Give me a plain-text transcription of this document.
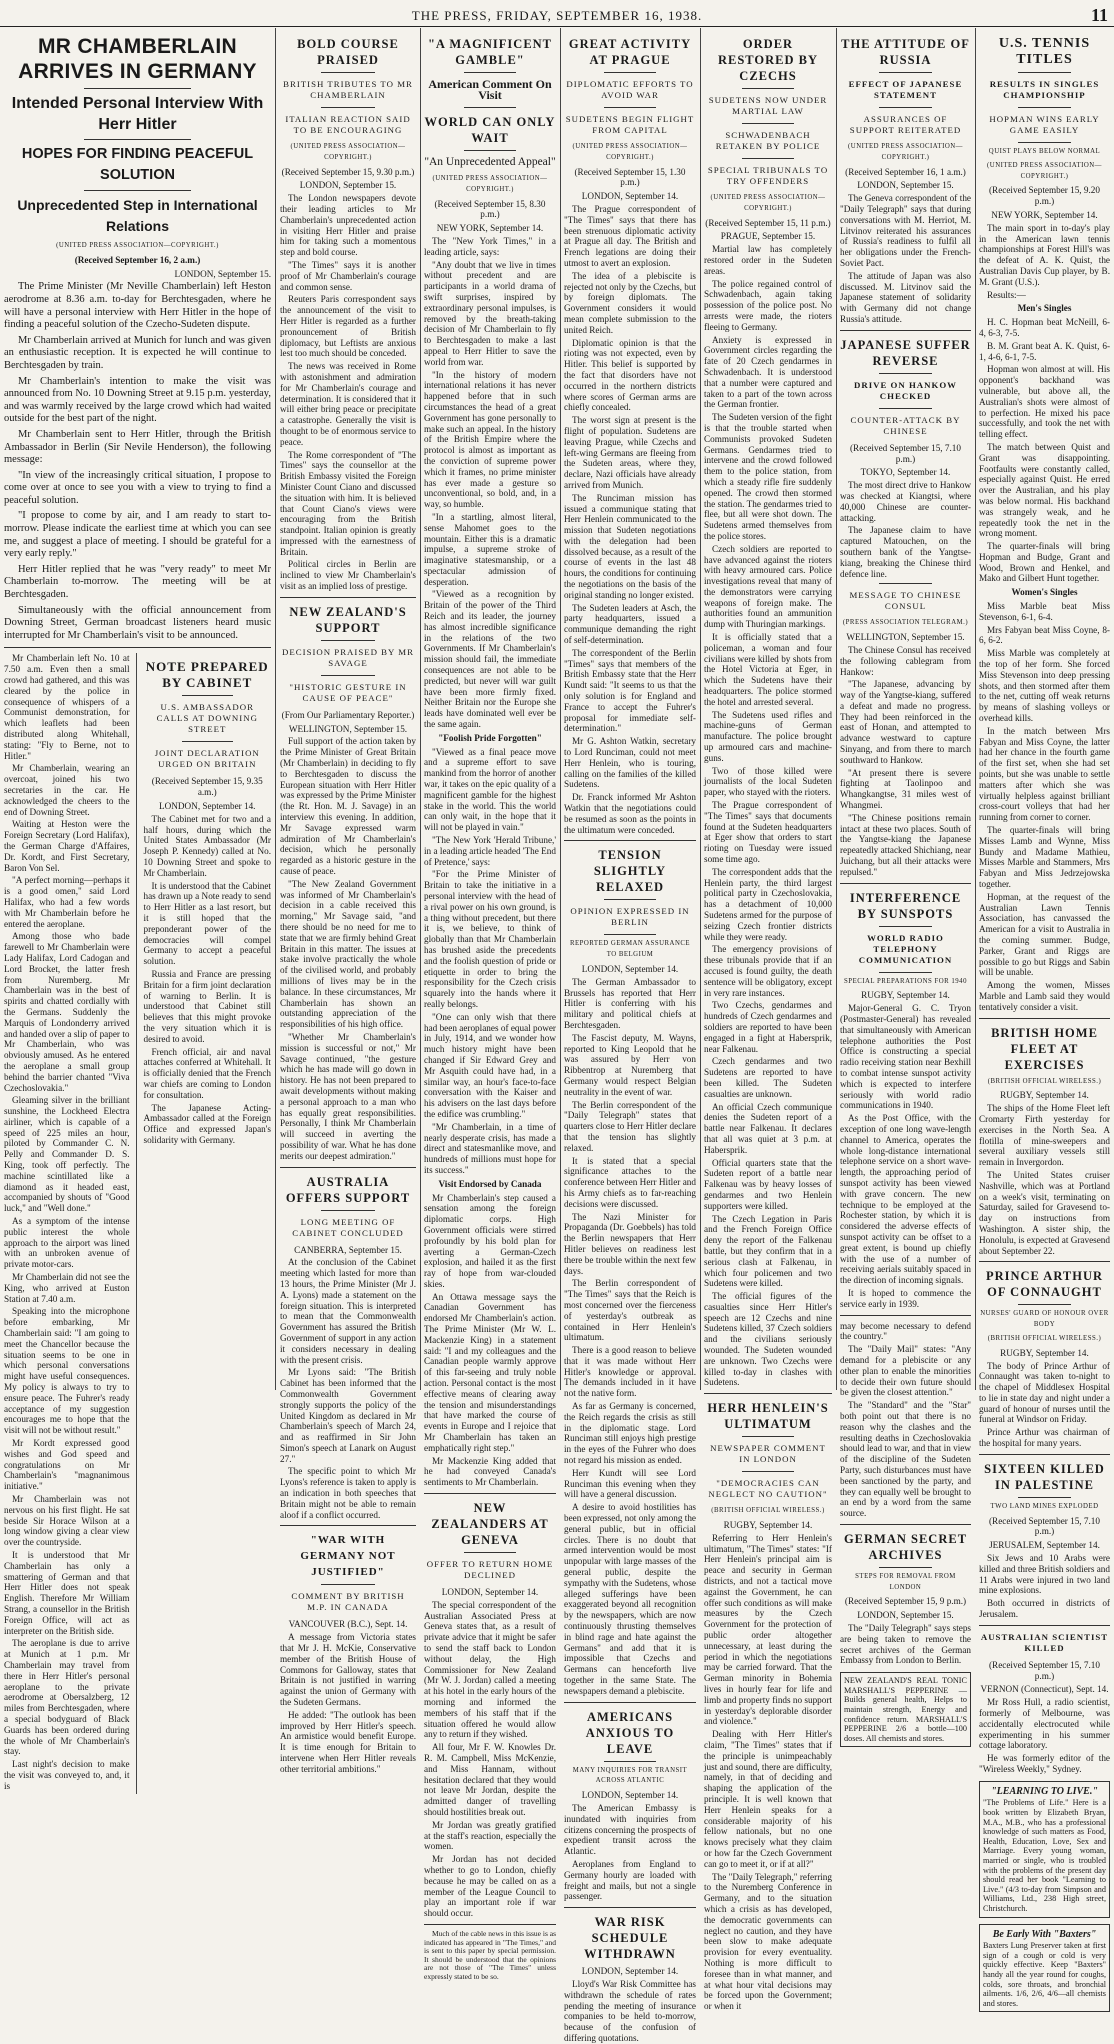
THE PRESS, FRIDAY, SEPTEMBER 16, 1938.	11
MR CHAMBERLAIN ARRIVES IN GERMANY
Intended Personal Interview With Herr Hitler
HOPES FOR FINDING PEACEFUL SOLUTION
Unprecedented Step in International Relations
(UNITED PRESS ASSOCIATION—COPYRIGHT.)
(Received September 16, 2 a.m.)
LONDON, September 15.

The Prime Minister (Mr Neville Chamberlain) left Heston aerodrome at 8.36 a.m. to-day for Berchtesgaden, where he will have a personal interview with Herr Hitler in the hope of finding a peaceful solution of the Czecho-Sudeten dispute.

Mr Chamberlain arrived at Munich for lunch and was given an enthusiastic reception. It is expected he will continue to Berchtesgaden by train.

Mr Chamberlain's intention to make the visit was announced from No. 10 Downing Street at 9.15 p.m. yesterday, and was warmly received by the large crowd which had waited outside for the best part of the night.

Mr Chamberlain sent to Herr Hitler, through the British Ambassador in Berlin (Sir Nevile Henderson), the following message:

"In view of the increasingly critical situation, I propose to come over at once to see you with a view to trying to find a peaceful solution.

"I propose to come by air, and I am ready to start to-morrow. Please indicate the earliest time at which you can see me, and suggest a place of meeting. I should be grateful for a very early reply."

Herr Hitler replied that he was "very ready" to meet Mr Chamberlain to-morrow. The meeting will be at Berchtesgaden.

Simultaneously with the official announcement from Downing Street, German broadcast listeners heard music interrupted for Mr Chamberlain's visit to be announced.

Mr Chamberlain left No. 10 at 7.50 a.m. Even then a small crowd had gathered, and this was cleared by the police in consequence of whispers of a Communist demonstration, for which leaflets had been distributed along Whitehall, stating: "Fly to Berne, not to Hitler."

Mr Chamberlain, wearing an overcoat, joined his two secretaries in the car. He acknowledged the cheers to the end of Downing Street.

Waiting at Heston were the Foreign Secretary (Lord Halifax), the German Charge d'Affaires, Dr. Kordt, and First Secretary, Baron Von Sel.

"A perfect morning—perhaps it is a good omen," said Lord Halifax, who had a few words with Mr Chamberlain before he entered the aeroplane.

Among those who bade farewell to Mr Chamberlain were Lady Halifax, Lord Cadogan and Lord Brocket, the latter fresh from Nuremberg. Mr Chamberlain was in the best of spirits and chatted cordially with the Germans. Suddenly the Marquis of Londonderry arrived and handed over a slip of paper to Mr Chamberlain, who was obviously amused. As he entered the aeroplane a small group behind the barrier chanted "Viva Czechoslovakia."

Gleaming silver in the brilliant sunshine, the Lockheed Electra airliner, which is capable of a speed of 225 miles an hour, piloted by Commander C. N. Pelly and Commander D. S. King, took off perfectly. The machine scintillated like a diamond as it headed east, accompanied by shouts of "Good luck," and "Well done."

As a symptom of the intense public interest the whole approach to the airport was lined with an unbroken avenue of private motor-cars.

Mr Chamberlain did not see the King, who arrived at Euston Station at 7.40 a.m.

Speaking into the microphone before embarking, Mr Chamberlain said: "I am going to meet the Chancellor because the situation seems to be one in which personal conversations might have useful consequences. My policy is always to try to ensure peace. The Fuhrer's ready acceptance of my suggestion encourages me to hope that the visit will not be without result."

Mr Kordt expressed good wishes and God speed and congratulations on Mr Chamberlain's "magnanimous initiative."

Mr Chamberlain was not nervous on his first flight. He sat beside Sir Horace Wilson at a long window giving a clear view over the countryside.

It is understood that Mr Chamberlain has only a smattering of German and that Herr Hitler does not speak English. Therefore Mr William Strang, a counsellor in the British Foreign Office, will act as interpreter on the British side.

The aeroplane is due to arrive at Munich at 1 p.m. Mr Chamberlain may travel from there in Herr Hitler's personal aeroplane to the private aerodrome at Obersalzberg, 12 miles from Berchtesgaden, where a special bodyguard of Black Guards has been ordered during the whole of Mr Chamberlain's stay.

Last night's decision to make the visit was conveyed to, and, it is

NOTE PREPARED BY CABINET
U.S. AMBASSADOR CALLS AT DOWNING STREET
JOINT DECLARATION URGED ON BRITAIN
(Received September 15, 9.35 a.m.)
LONDON, September 14.

The Cabinet met for two and a half hours, during which the United States Ambassador (Mr Joseph P. Kennedy) called at No. 10 Downing Street and spoke to Mr Chamberlain.

It is understood that the Cabinet has drawn up a Note ready to send to Herr Hitler as a last resort, but it is still hoped that the preponderant power of the democracies will compel Germany to accept a peaceful solution.

Russia and France are pressing Britain for a firm joint declaration of warning to Berlin. It is understood that Cabinet still believes that this might provoke the very situation which it is desired to avoid.

French official, air and naval attaches conferred at Whitehall. It is officially denied that the French war chiefs are coming to London for consultation.

The Japanese Acting-Ambassador called at the Foreign Office and expressed Japan's solidarity with Germany.

BOLD COURSE PRAISED
BRITISH TRIBUTES TO MR CHAMBERLAIN
ITALIAN REACTION SAID TO BE ENCOURAGING
(UNITED PRESS ASSOCIATION—COPYRIGHT.)
(Received September 15, 9.30 p.m.)
LONDON, September 15.

The London newspapers devote their leading articles to Mr Chamberlain's unprecedented action in visiting Herr Hitler and praise him for taking such a momentous step and bold course.

"The Times" says it is another proof of Mr Chamberlain's courage and common sense.

Reuters Paris correspondent says the announcement of the visit to Herr Hitler is regarded as a further pronouncement of British diplomacy, but Leftists are anxious lest too much should be conceded.

The news was received in Rome with astonishment and admiration for Mr Chamberlain's courage and determination. It is considered that it will either bring peace or precipitate a catastrophe. Generally the visit is thought to be of enormous service to peace.

The Rome correspondent of "The Times" says the counsellor at the British Embassy visited the Foreign Minister Count Ciano and discussed the situation with him. It is believed that Count Ciano's views were encouraging from the British standpoint. Italian opinion is greatly impressed with the earnestness of Britain.

Political circles in Berlin are inclined to view Mr Chamberlain's visit as an implied loss of prestige.

NEW ZEALAND'S SUPPORT
DECISION PRAISED BY MR SAVAGE
"HISTORIC GESTURE IN CAUSE OF PEACE"
(From Our Parliamentary Reporter.)
WELLINGTON, September 15.

Full support of the action taken by the Prime Minister of Great Britain (Mr Chamberlain) in deciding to fly to Berchtesgaden to discuss the European situation with Herr Hitler was expressed by the Prime Minister (the Rt. Hon. M. J. Savage) in an interview this evening. In addition, Mr Savage expressed warm admiration of Mr Chamberlain's decision, which he personally regarded as a historic gesture in the cause of peace.

"The New Zealand Government was informed of Mr Chamberlain's decision in a cable received this morning," Mr Savage said, "and there should be no need for me to state that we are firmly behind Great Britain in this matter. The issues at stake involve practically the whole of the civilised world, and probably millions of lives may be in the balance. In these circumstances, Mr Chamberlain has shown an outstanding appreciation of the responsibilities of his high office.

"Whether Mr Chamberlain's mission is successful or not," Mr Savage continued, "the gesture which he has made will go down in history. He has not been prepared to await developments without making a personal approach to a man who has equally great responsibilities. Personally, I think Mr Chamberlain will succeed in averting the possibility of war. What he has done merits our deepest admiration."

AUSTRALIA OFFERS SUPPORT
LONG MEETING OF CABINET CONCLUDED
CANBERRA, September 15.

At the conclusion of the Cabinet meeting which lasted for more than 13 hours, the Prime Minister (Mr J. A. Lyons) made a statement on the foreign situation. This is interpreted to mean that the Commonwealth Government has assured the British Government of support in any action it considers necessary in dealing with the present crisis.

Mr Lyons said: "The British Cabinet has been informed that the Commonwealth Government strongly supports the policy of the United Kingdom as declared in Mr Chamberlain's speech of March 24, and as reaffirmed in Sir John Simon's speech at Lanark on August 27."

The specific point to which Mr Lyons's reference is taken to apply is an indication in both speeches that Britain might not be able to remain aloof if a conflict occurred.

"WAR WITH GERMANY NOT JUSTIFIED"
COMMENT BY BRITISH M.P. IN CANADA
VANCOUVER (B.C.), Sept. 14.

A message from Victoria states that Mr J. H. McKie, Conservative member of the British House of Commons for Galloway, states that Britain is not justified in warring against the union of Germany with the Sudeten Germans.

He added: "The outlook has been improved by Herr Hitler's speech. An armistice would benefit Europe. It is time enough for Britain to intervene when Herr Hitler reveals other territorial ambitions."

"A MAGNIFICENT GAMBLE"
American Comment On Visit
WORLD CAN ONLY WAIT
"An Unprecedented Appeal"
(UNITED PRESS ASSOCIATION—COPYRIGHT.)
(Received September 15, 8.30 p.m.)
NEW YORK, September 14.

The "New York Times," in a leading article, says:

"Any doubt that we live in times without precedent and are participants in a world drama of swift surprises, inspired by extraordinary personal impulses, is removed by the breath-taking decision of Mr Chamberlain to fly to Berchtesgaden to make a last appeal to Herr Hitler to save the world from war.

"In the history of modern international relations it has never happened before that in such circumstances the head of a great Government has gone personally to make such an appeal. In the history of the British Empire where the protocol is almost as important as the conviction of supreme power which it frames, no prime minister has ever made a gesture so unconventional, so bold, and, in a way, so humble.

"In a startling, almost literal, sense Mahomet goes to the mountain. Either this is a dramatic impulse, a supreme stroke of imaginative statesmanship, or a spectacular admission of desperation.

"Viewed as a recognition by Britain of the power of the Third Reich and its leader, the journey has almost incredible significance in the relations of the two Governments. If Mr Chamberlain's mission should fail, the immediate consequences are not able to be predicted, but never will war guilt have been more firmly fixed. Neither Britain nor the Europe she leads have dominated well ever be the same again.

"Foolish Pride Forgotten"

"Viewed as a final peace move and a supreme effort to save mankind from the horror of another war, it takes on the epic quality of a magnificent gamble for the highest stake in the world. This the world can only wait, in the hope that it will not be played in vain."

"The New York 'Herald Tribune,' in a leading article headed 'The End of Pretence,' says:

"For the Prime Minister of Britain to take the initiative in a personal interview with the head of a rival power on his own ground, is a thing without precedent, but there it is, we believe, to think of globally than that Mr Chamberlain has brushed aside the precedents and the foolish question of pride or etiquette in order to bring the responsibility for the Czech crisis squarely into the hands where it really belongs.

"One can only wish that there had been aeroplanes of equal power in July, 1914, and we wonder how much history might have been changed if Sir Edward Grey and Mr Asquith could have had, in a similar way, an hour's face-to-face conversation with the Kaiser and his advisers on the last days before the edifice was crumbling."

"Mr Chamberlain, in a time of nearly desperate crisis, has made a direct and statesmanlike move, and hundreds of millions must hope for its success."

Visit Endorsed by Canada

Mr Chamberlain's step caused a sensation among the foreign diplomatic corps. High Government officials were stirred profoundly by his bold plan for averting a German-Czech explosion, and hailed it as the first ray of hope from war-clouded skies.

An Ottawa message says the Canadian Government has endorsed Mr Chamberlain's action. The Prime Minister (Mr W. L. Mackenzie King) in a statement said: "I and my colleagues and the Canadian people warmly approve of this far-seeing and truly noble action. Personal contact is the most effective means of clearing away the tension and misunderstandings that have marked the course of events in Europe and I rejoice that Mr Chamberlain has taken an emphatically right step."

Mr Mackenzie King added that he had conveyed Canada's sentiments to Mr Chamberlain.

NEW ZEALANDERS AT GENEVA
OFFER TO RETURN HOME DECLINED
LONDON, September 14.

The special correspondent of the Australian Associated Press at Geneva states that, as a result of private advice that it might be safer to send the staff back to London without delay, the High Commissioner for New Zealand (Mr W. J. Jordan) called a meeting at his hotel in the early hours of the morning and informed the members of his staff that if the situation offered he would allow any to return if they wished.

All four, Mr F. W. Knowles Dr. R. M. Campbell, Miss McKenzie, and Miss Hannam, without hesitation declared that they would not leave Mr Jordan, despite the admitted danger of travelling should hostilities break out.

Mr Jordan was greatly gratified at the staff's reaction, especially the women.

Mr Jordan has not decided whether to go to London, chiefly because he may be called on as a member of the League Council to play an important role if war should occur.

Much of the cable news in this issue is as indicated has appeared in "The Times," and is sent to this paper by special permission. It should be understood that the opinions are not those of "The Times" unless expressly stated to be so.

GREAT ACTIVITY AT PRAGUE
DIPLOMATIC EFFORTS TO AVOID WAR
SUDETENS BEGIN FLIGHT FROM CAPITAL
(UNITED PRESS ASSOCIATION—COPYRIGHT.)
(Received September 15, 1.30 p.m.)
LONDON, September 14.

The Prague correspondent of "The Times" says that there has been strenuous diplomatic activity at Prague all day. The British and French legations are doing their utmost to avert an explosion.

The idea of a plebiscite is rejected not only by the Czechs, but by foreign diplomats. The Government considers it would mean complete submission to the united Reich.

Diplomatic opinion is that the rioting was not expected, even by Hitler. This belief is supported by the fact that disorders have not occurred in the northern districts where scores of German arms are chiefly concealed.

The worst sign at present is the flight of population. Sudetens are leaving Prague, while Czechs and left-wing Germans are fleeing from the Sudeten areas, where they, declare, Nazi officials have already arrived from Munich.

The Runciman mission has issued a communique stating that Herr Henlein communicated to the mission that Sudeten negotiations with the delegation had been dissolved because, as a result of the course of events in the last 48 hours, the conditions for continuing the negotiations on the basis of the original standing no longer existed.

The Sudeten leaders at Asch, the party headquarters, issued a communique demanding the right of self-determination.

The correspondent of the Berlin "Times" says that members of the British Embassy state that the Herr Kundt said: "It seems to us that the only solution is for England and France to accept the Fuhrer's proposal for immediate self-determination."

Mr G. Ashton Watkin, secretary to Lord Runciman, could not meet Herr Henlein, who is touring, calling on the families of the killed Sudetens.

Dr. Franck informed Mr Ashton Watkin that the negotiations could be resumed as soon as the points in the ultimatum were conceded.

TENSION SLIGHTLY RELAXED
OPINION EXPRESSED IN BERLIN
REPORTED GERMAN ASSURANCE TO BELGIUM
LONDON, September 14.

The German Ambassador to Brussels has reported that Herr Hitler is conferring with his military and political chiefs at Berchtesgaden.

The Fascist deputy, M. Wayns, reported to King Leopold that he was assured by Herr von Ribbentrop at Nuremberg that Germany would respect Belgian neutrality in the event of war.

The Berlin correspondent of the "Daily Telegraph" states that quarters close to Herr Hitler declare that the tension has slightly relaxed.

It is stated that a special significance attaches to the conference between Herr Hitler and his Army chiefs as to far-reaching decisions were discussed.

The Nazi Minister for Propaganda (Dr. Goebbels) has told the Berlin newspapers that Herr Hitler believes on readiness lest there be trouble within the next few days.

The Berlin correspondent of "The Times" says that the Reich is most concerned over the fierceness of yesterday's outbreak as contained in Herr Henlein's ultimatum.

There is a good reason to believe that it was made without Herr Hitler's knowledge or approval. The demands included in it have not the native form.

As far as Germany is concerned, the Reich regards the crisis as still in the diplomatic stage. Lord Runciman still enjoys high prestige in the eyes of the Fuhrer who does not regard his mission as ended.

Herr Kundt will see Lord Runciman this evening when they will have a general discussion.

A desire to avoid hostilities has been expressed, not only among the general public, but in official circles. There is no doubt that armed intervention would be most unpopular with large masses of the general public, despite the sympathy with the Sudetens, whose alleged sufferings have been exaggerated beyond all recognition by the newspapers, which are now continuously thrusting themselves in blind rage and hate against the Germans" and add that it is impossible that Czechs and Germans can henceforth live together in the same State. The newspapers demand a plebiscite.

AMERICANS ANXIOUS TO LEAVE
MANY INQUIRIES FOR TRANSIT ACROSS ATLANTIC
LONDON, September 14.

The American Embassy is inundated with inquiries from citizens concerning the prospects of expedient transit across the Atlantic.

Aeroplanes from England to Germany hourly are loaded with freight and mails, but not a single passenger.

WAR RISK SCHEDULE WITHDRAWN
LONDON, September 14.

Lloyd's War Risk Committee has withdrawn the schedule of rates pending the meeting of insurance companies to be held to-morrow, because of the confusion of differing quotations.

ORDER RESTORED BY CZECHS
SUDETENS NOW UNDER MARTIAL LAW
SCHWADENBACH RETAKEN BY POLICE
SPECIAL TRIBUNALS TO TRY OFFENDERS
(UNITED PRESS ASSOCIATION—COPYRIGHT.)
(Received September 15, 11 p.m.)
PRAGUE, September 15.

Martial law has completely restored order in the Sudeten areas.

The police regained control of Schwadenbach, again taking possession of the police post. No arrests were made, the rioters fleeing to Germany.

Anxiety is expressed in Government circles regarding the fate of 20 Czech gendarmes in Schwadenbach. It is understood that a number were captured and taken to a part of the town across the German frontier.

The Sudeten version of the fight is that the trouble started when Communists provoked Sudeten Germans. Gendarmes tried to intervene and the crowd followed them to the police station, from which a steady rifle fire suddenly opened. The crowd then stormed the station. The gendarmes tried to flee, but all were shot down. The Sudetens armed themselves from the police stores.

Czech soldiers are reported to have advanced against the rioters with heavy armoured cars. Police investigations reveal that many of the demonstrators were carrying weapons of foreign make. The authorities found an ammunition dump with Thuringian markings.

It is officially stated that a policeman, a woman and four civilians were killed by shots from the Hotel Victoria at Eger, in which the Sudetens have their headquarters. The police stormed the hotel and arrested several.

The Sudetens used rifles and machine-guns of German manufacture. The police brought up armoured cars and machine-guns.

Two of those killed were journalists of the local Sudeten paper, who stayed with the rioters.

The Prague correspondent of "The Times" says that documents found at the Sudeten headquarters at Eger show that orders to start rioting on Tuesday were issued some time ago.

The correspondent adds that the Henlein party, the third largest political party in Czechoslovakia, has a detachment of 10,000 Sudetens armed for the purpose of seizing Czech frontier districts while they were ready.

The emergency provisions of these tribunals provide that if an accused is found guilty, the death sentence will be obligatory, except in very rare instances.

Two Czechs, gendarmes and hundreds of Czech gendarmes and soldiers are reported to have been engaged in a fight at Habersprik, near Falkenau.

Czech gendarmes and two Sudetens are reported to have been killed. The Sudeten casualties are unknown.

An official Czech communique denies the Sudeten report of a battle near Falkenau. It declares that all was quiet at 3 p.m. at Habersprik.

Official quarters state that the Sudeten report of a battle near Falkenau was by heavy losses of gendarmes and two Henlein supporters were killed.

The Czech Legation in Paris and the French Foreign Office deny the report of the Falkenau battle, but they confirm that in a serious clash at Falkenau, in which four policemen and two Sudetens were killed.

The official figures of the casualties since Herr Hitler's speech are 12 Czechs and nine Sudetens killed, 37 Czech soldiers and the civilians seriously wounded. The Sudeten wounded are unknown. Two Czechs were killed to-day in clashes with Sudetens.

HERR HENLEIN'S ULTIMATUM
NEWSPAPER COMMENT IN LONDON
"DEMOCRACIES CAN NEGLECT NO CAUTION"
(BRITISH OFFICIAL WIRELESS.)
RUGBY, September 14.

Referring to Herr Henlein's ultimatum, "The Times" states: "If Herr Henlein's principal aim is peace and security in German districts, and not a tactical move against the Government, he can offer such conditions as will make measures by the Czech Government for the protection of public order altogether unnecessary, at least during the period in which the negotiations may be carried forward. That the German minority in Bohemia lives in hourly fear for life and limb and property finds no support in yesterday's deplorable disorder and violence."

Dealing with Herr Hitler's claim, "The Times" states that if the principle is unimpeachably just and sound, there are difficulty, namely, in that of deciding and shaping the application of the principle. It is well known that Herr Henlein speaks for a considerable majority of his fellow nationals, but no one knows precisely what they claim or how far the Czech Government can go to meet it, or if at all?"

The "Daily Telegraph," referring to the Nuremberg Conference in Germany, and to the situation which a crisis as has developed, the democratic governments can neglect no caution, and they have been slow to make adequate provision for every eventuality. Nothing is more difficult to foresee than in what manner, and at what hour vital decisions may be forced upon the Government; or when it

THE ATTITUDE OF RUSSIA
EFFECT OF JAPANESE STATEMENT
ASSURANCES OF SUPPORT REITERATED
(UNITED PRESS ASSOCIATION—COPYRIGHT.)
(Received September 16, 1 a.m.)
LONDON, September 15.

The Geneva correspondent of the "Daily Telegraph" says that during conversations with M. Herriot, M. Litvinov reiterated his assurances of Russia's readiness to fulfil all her obligations under the French-Soviet Pact.

The attitude of Japan was also discussed. M. Litvinov said the Japanese statement of solidarity with Germany did not change Russia's attitude.

JAPANESE SUFFER REVERSE
DRIVE ON HANKOW CHECKED
COUNTER-ATTACK BY CHINESE
(Received September 15, 7.10 p.m.)
TOKYO, September 14.

The most direct drive to Hankow was checked at Kiangtsi, where 40,000 Chinese are counter-attacking.

The Japanese claim to have captured Matouchen, on the southern bank of the Yangtse-kiang, breaking the Chinese third defence line.

MESSAGE TO CHINESE CONSUL
(PRESS ASSOCIATION TELEGRAM.)
WELLINGTON, September 15.

The Chinese Consul has received the following cablegram from Hankow:

"The Japanese, advancing by way of the Yangtse-kiang, suffered a defeat and made no progress. They had been reinforced in the east of Honan, and attempted to advance westward to capture Sinyang, and from there to march southward to Hankow.

"At present there is severe fighting at Taolinpoo and Whangkangtse, 31 miles west of Whangmei.

"The Chinese positions remain intact at these two places. South of the Yangtse-kiang the Japanese repeatedly attacked Shichiang, near Juichang, but all their attacks were repulsed."

INTERFERENCE BY SUNSPOTS
WORLD RADIO TELEPHONY COMMUNICATION
SPECIAL PREPARATIONS FOR 1940
RUGBY, September 14.

Major-General G. C. Tryon (Postmaster-General) has revealed that simultaneously with American telephone authorities the Post Office is constructing a special radio receiving station near Bexhill to combat intense sunspot activity which is expected to interfere seriously with world radio communications in 1940.

As the Post Office, with the exception of one long wave-length channel to America, operates the whole long-distance international telephone service on a short wave-length, the approaching period of sunspot activity has been viewed with grave concern. The new technique to be employed at the Rochester station, by which it is considered the adverse effects of sunspot activity can be offset to a great extent, is bound up chiefly with the use of a number of receiving aerials suitably spaced in the direction of incoming signals.

It is hoped to commence the service early in 1939.

may become necessary to defend the country."

The "Daily Mail" states: "Any demand for a plebiscite or any other plan to enable the minorities to decide their own future should be given the closest attention."

The "Standard" and the "Star" both point out that there is no reason why the clashes and the resulting deaths in Czechoslovakia should lead to war, and that in view of the discipline of the Sudeten Party, such disturbances must have been sanctioned by the party, and they can equally well be brought to an end by a word from the same source.

GERMAN SECRET ARCHIVES
STEPS FOR REMOVAL FROM LONDON
(Received September 15, 9 p.m.)
LONDON, September 15.

The "Daily Telegraph" says steps are being taken to remove the secret archives of the German Embassy from London to Berlin.

NEW ZEALAND'S REAL TONIC MARSHALL'S PEPPERINE — Builds general health, Helps to maintain strength, Energy and confidence return. MARSHALL'S PEPPERINE 2/6 a bottle—100 doses. All chemists and stores.
U.S. TENNIS TITLES
RESULTS IN SINGLES CHAMPIONSHIP
HOPMAN WINS EARLY GAME EASILY
QUIST PLAYS BELOW NORMAL
(UNITED PRESS ASSOCIATION—COPYRIGHT.)
(Received September 15, 9.20 p.m.)
NEW YORK, September 14.

The main sport in to-day's play in the American lawn tennis championships at Forest Hill's was the defeat of A. K. Quist, the Australian Davis Cup player, by B. M. Grant (U.S.).

Results:—

Men's Singles

H. C. Hopman beat McNeill, 6-4, 6-3, 7-5.

B. M. Grant beat A. K. Quist, 6-1, 4-6, 6-1, 7-5.

Hopman won almost at will. His opponent's backhand was vulnerable, but above all, the Australian's shots were almost of to perfection. He mixed his pace successfully, and took the net with telling effect.

The match between Quist and Grant was disappointing. Footfaults were constantly called, especially against Quist. He erred over the Australian, and his play was below normal. His backhand was strangely weak, and he repeatedly took the net in the wrong moment.

The quarter-finals will bring Hopman and Budge, Grant and Wood, Brown and Henkel, and Mako and Gilbert Hunt together.

Women's Singles

Miss Marble beat Miss Stevenson, 6-1, 6-4.

Mrs Fabyan beat Miss Coyne, 8-6, 6-2.

Miss Marble was completely at the top of her form. She forced Miss Stevenson into deep pressing shots, and then stormed after them to the net, cutting off weak returns by means of slashing volleys or overhead kills.

In the match between Mrs Fabyan and Miss Coyne, the latter had her chance in the fourth game of the first set, when she had set points, but she was unable to settle matters after which she was virtually helpless against brilliant cross-court volleys that had her running from corner to corner.

The quarter-finals will bring Misses Lamb and Wynne, Miss Bundy and Madame Mathieu, Misses Marble and Stammers, Mrs Fabyan and Miss Jedrzejowska together.

Hopman, at the request of the Australian Lawn Tennis Association, has canvassed the American for a visit to Australia in the coming summer. Budge, Parker, Grant and Riggs are possible to go but Riggs and Sabin will be unable.

Among the women, Misses Marble and Lamb said they would tentatively consider a visit.

BRITISH HOME FLEET AT EXERCISES
(BRITISH OFFICIAL WIRELESS.)
RUGBY, September 14.

The ships of the Home Fleet left Cromarty Firth yesterday for exercises in the North Sea. A flotilla of mine-sweepers and several auxiliary vessels still remain in Invergordon.

The United States cruiser Nashville, which was at Portland on a week's visit, terminating on Saturday, sailed for Gravesend to-day on instructions from Washington. A sister ship, the Honolulu, is expected at Gravesend about September 22.

PRINCE ARTHUR OF CONNAUGHT
NURSES' GUARD OF HONOUR OVER BODY
(BRITISH OFFICIAL WIRELESS.)
RUGBY, September 14.

The body of Prince Arthur of Connaught was taken to-night to the chapel of Middlesex Hospital to lie in state day and night under a guard of honour of nurses until the funeral at Windsor on Friday.

Prince Arthur was chairman of the hospital for many years.

SIXTEEN KILLED IN PALESTINE
TWO LAND MINES EXPLODED
(Received September 15, 7.10 p.m.)
JERUSALEM, September 14.

Six Jews and 10 Arabs were killed and three British soldiers and 11 Arabs were injured in two land mine explosions.

Both occurred in districts of Jerusalem.

AUSTRALIAN SCIENTIST KILLED
(Received September 15, 7.10 p.m.)
VERNON (Connecticut), Sept. 14.

Mr Ross Hull, a radio scientist, formerly of Melbourne, was accidentally electrocuted while experimenting in his summer cottage laboratory.

He was formerly editor of the "Wireless Weekly," Sydney.

"LEARNING TO LIVE."
"The Problems of Life." Here is a book written by Elizabeth Bryan, M.A., M.B., who has a professional knowledge of such matters as Food, Health, Education, Love, Sex and Marriage. Every young woman, married or single, who is troubled with the problems of the present day should read her book "Learning to Live." (4/3 to-day from Simpson and Williams, Ltd., 238 High street, Christchurch.
Be Early With "Baxters"
Baxters Lung Preserver taken at first sign of a cough or cold is very quickly effective. Keep "Baxters" handy all the year round for coughs, colds, sore throats, and bronchial ailments. 1/6, 2/6, 4/6—all chemists and stores.
